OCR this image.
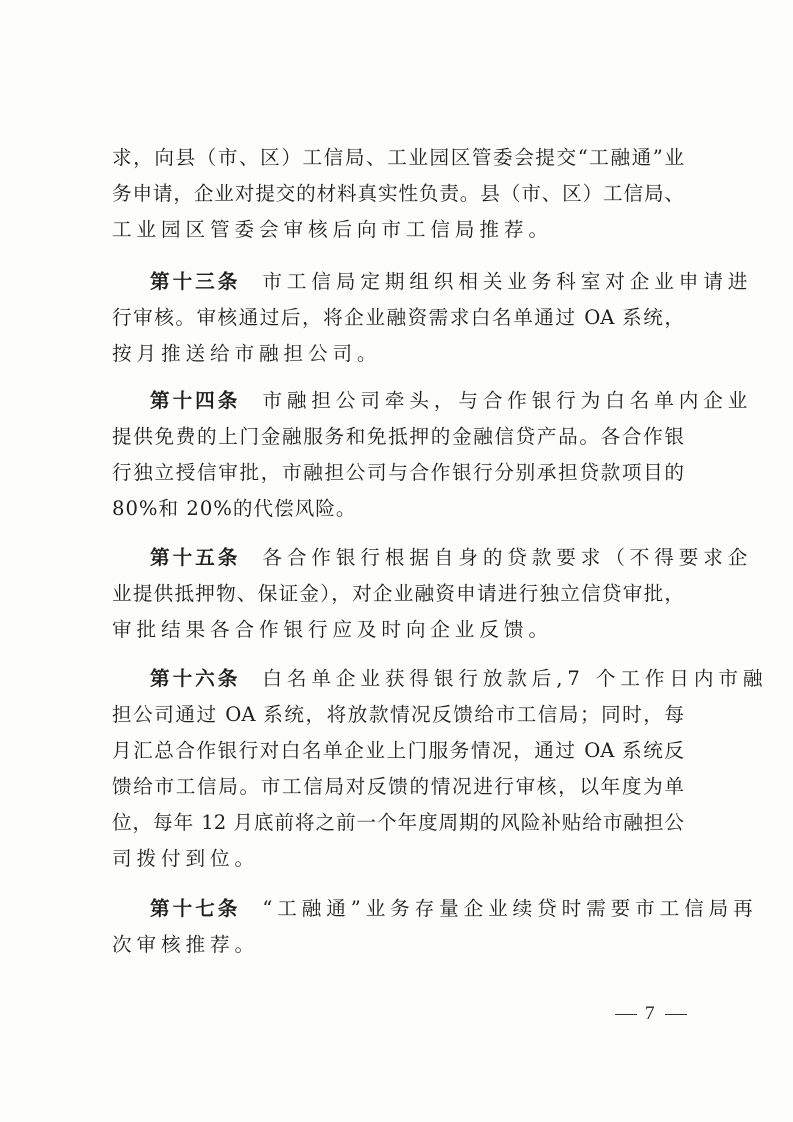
求，向县（市、区）工信局、工业园区管委会提交“工融通”业
务申请，企业对提交的材料真实性负责。县（市、区）工信局、
工业园区管委会审核后向市工信局推荐。
第十三条 市工信局定期组织相关业务科室对企业申请进
行审核。审核通过后，将企业融资需求白名单通过 OA 系统，
按月推送给市融担公司。
第十四条 市融担公司牵头，与合作银行为白名单内企业
提供免费的上门金融服务和免抵押的金融信贷产品。各合作银
行独立授信审批，市融担公司与合作银行分别承担贷款项目的
80%和 20%的代偿风险。
第十五条 各合作银行根据自身的贷款要求（不得要求企
业提供抵押物、保证金），对企业融资申请进行独立信贷审批，
审批结果各合作银行应及时向企业反馈。
第十六条 白名单企业获得银行放款后,7 个工作日内市融
担公司通过 OA 系统，将放款情况反馈给市工信局；同时，每
月汇总合作银行对白名单企业上门服务情况，通过 OA 系统反
馈给市工信局。市工信局对反馈的情况进行审核，以年度为单
位，每年 12 月底前将之前一个年度周期的风险补贴给市融担公
司拨付到位。
第十七条 “工融通”业务存量企业续贷时需要市工信局再
次审核推荐。
7
